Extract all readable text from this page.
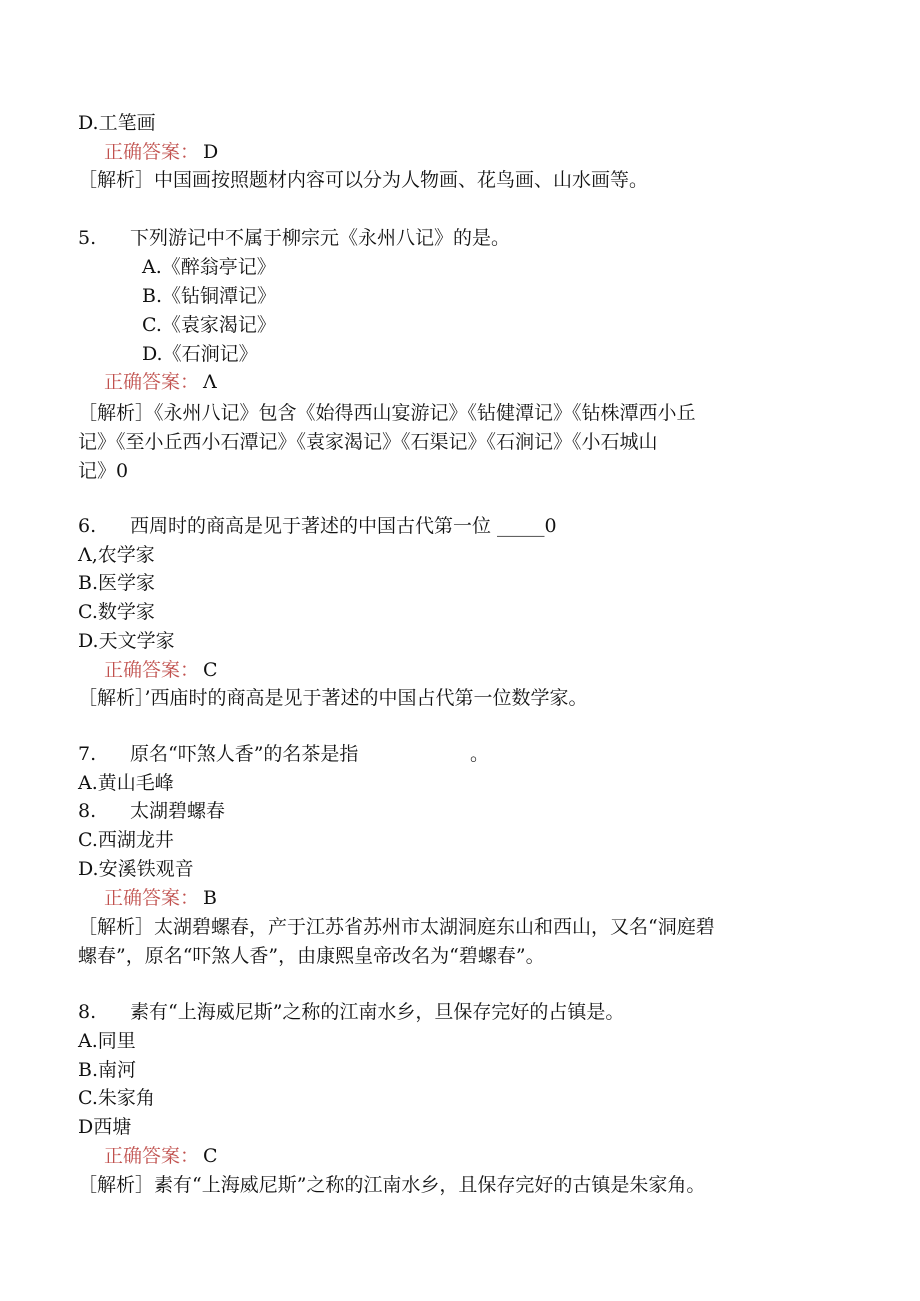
D.工笔画
正确答案： D
［解析］中国画按照题材内容可以分为人物画、花鸟画、山水画等。
5. 下列游记中不属于柳宗元《永州八记》的是。
A.《醉翁亭记》
B.《钻铜潭记》
C.《袁家渴记》
D.《石涧记》
正确答案： Λ
［解析］《永州八记》包含《始得西山宴游记》《钻健潭记》《钻株潭西小丘
记》《至小丘西小石潭记》《袁家渴记》《石渠记》《石涧记》《小石城山
记》0
6. 西周时的商高是见于著述的中国古代第一位 _____0
Λ,农学家
B.医学家
C.数学家
D.天文学家
正确答案： C
［解析］’西庙时的商高是见于著述的中国占代第一位数学家。
7. 原名“吓煞人香”的名茶是指	。
A.黄山毛峰
8. 太湖碧螺春
C.西湖龙井
D.安溪铁观音
正确答案： B
［解析］太湖碧螺春，产于江苏省苏州市太湖洞庭东山和西山，又名“洞庭碧
螺春”，原名“吓煞人香”，由康熙皇帝改名为“碧螺春”。
8. 素有“上海威尼斯”之称的江南水乡，旦保存完好的占镇是。
A.同里
B.南河
C.朱家角
D西塘
正确答案： C
［解析］素有“上海威尼斯”之称的江南水乡，且保存完好的古镇是朱家角。
